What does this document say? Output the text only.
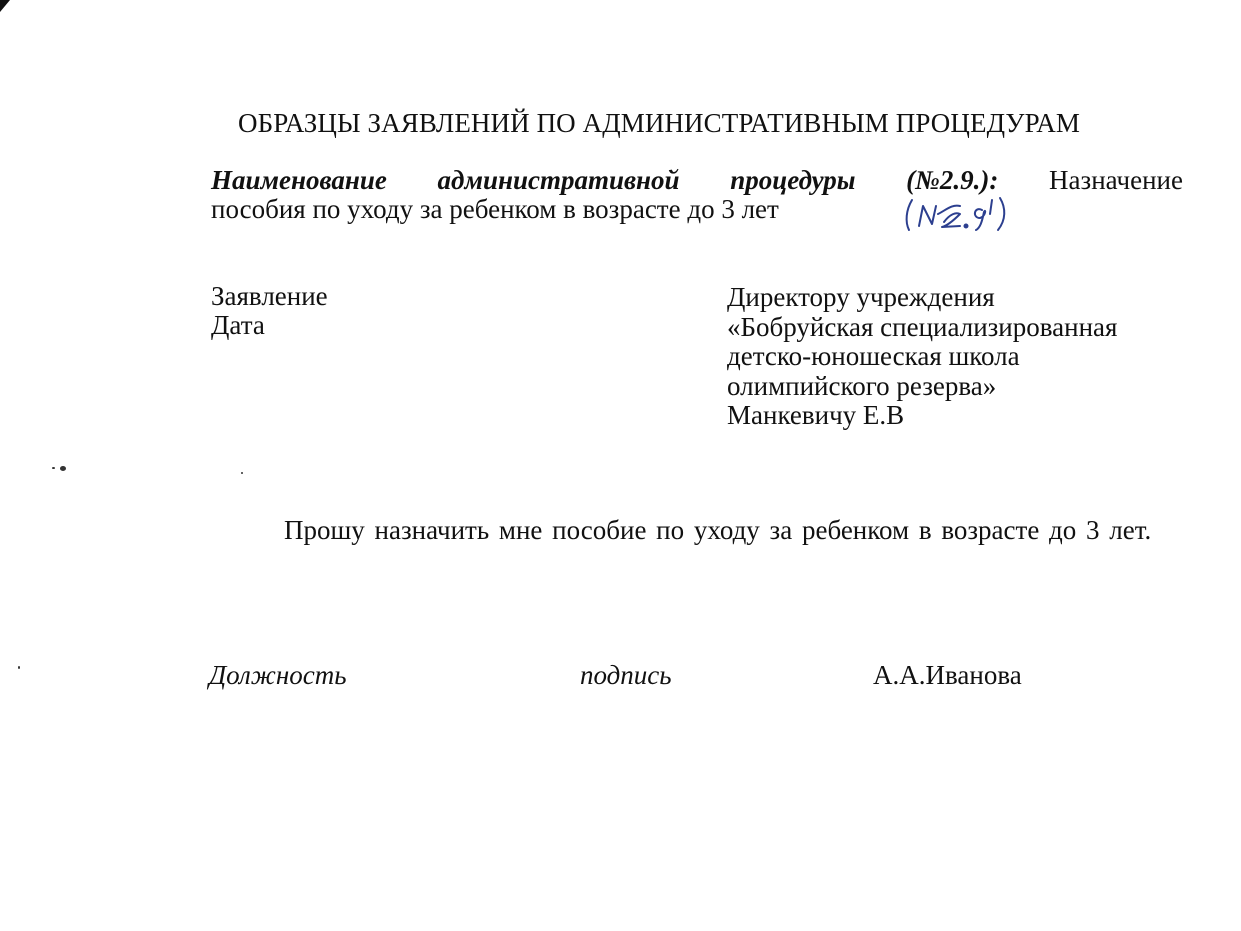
ОБРАЗЦЫ ЗАЯВЛЕНИЙ ПО АДМИНИСТРАТИВНЫМ ПРОЦЕДУРАМ
Наименование административной процедуры (№2.9.): Назначение
пособия по уходу за ребенком в возрасте до 3 лет
(№2.9')
Заявление
Дата
Директору учреждения
«Бобруйская специализированная
детско-юношеская школа
олимпийского резерва»
Манкевичу Е.В
Прошу назначить мне пособие по уходу за ребенком в возрасте до 3 лет.
Должность	подпись	А.А.Иванова
